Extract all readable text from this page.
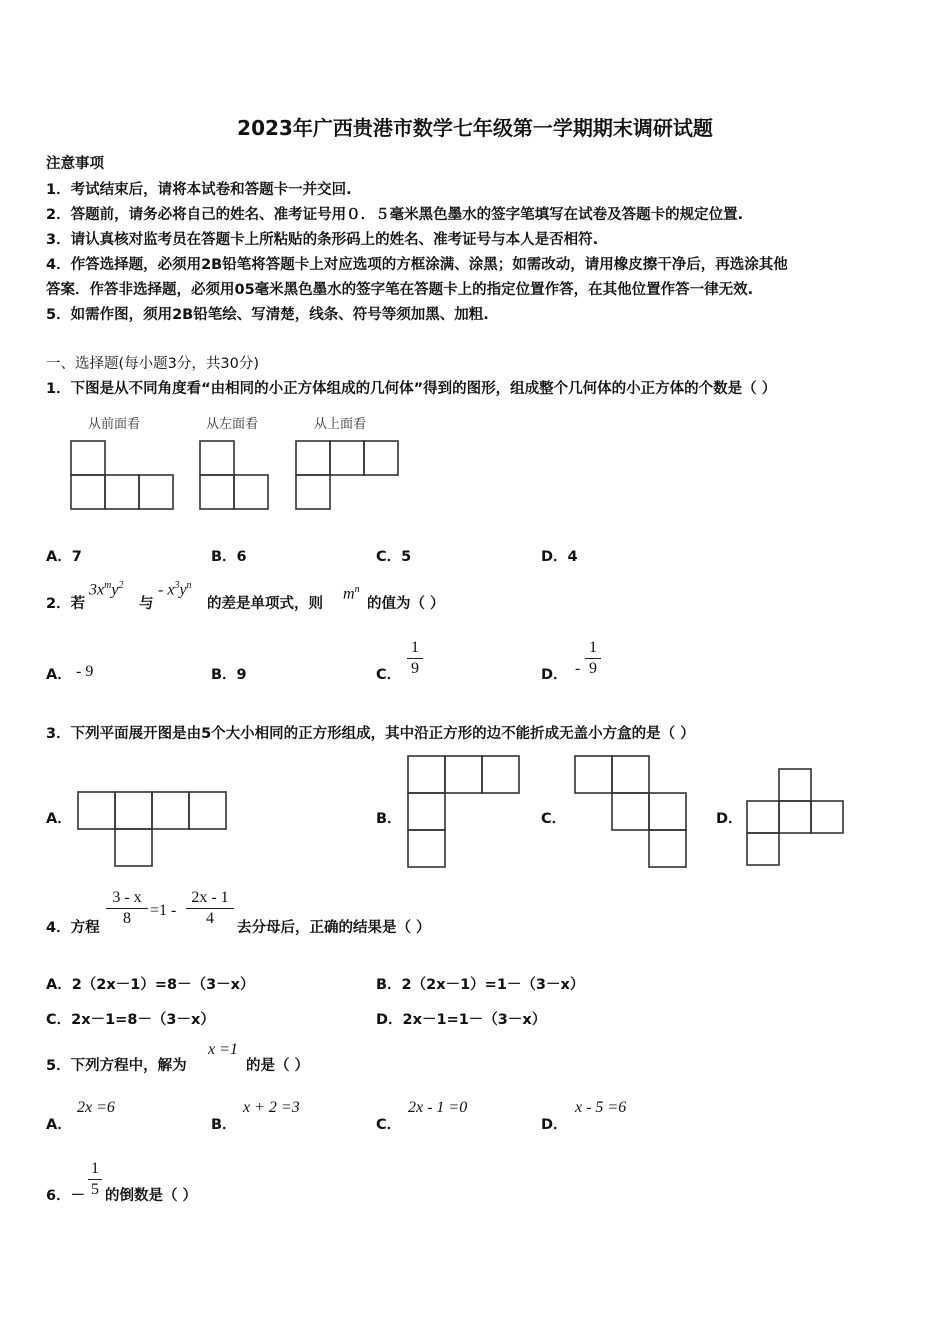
2023年广西贵港市数学七年级第一学期期末调研试题
注意事项
1．考试结束后，请将本试卷和答题卡一并交回.
2．答题前，请务必将自己的姓名、准考证号用０．５毫米黑色墨水的签字笔填写在试卷及答题卡的规定位置.
3．请认真核对监考员在答题卡上所粘贴的条形码上的姓名、准考证号与本人是否相符.
4．作答选择题，必须用2B铅笔将答题卡上对应选项的方框涂满、涂黑；如需改动，请用橡皮擦干净后，再选涂其他
答案．作答非选择题，必须用05毫米黑色墨水的签字笔在答题卡上的指定位置作答，在其他位置作答一律无效.
5．如需作图，须用2B铅笔绘、写清楚，线条、符号等须加黑、加粗.
一、选择题(每小题3分，共30分)
1．下图是从不同角度看“由相同的小正方体组成的几何体”得到的图形，组成整个几何体的小正方体的个数是（ ）
从前面看	从左面看	从上面看
A．7	B．6	C．5	D．4
2．若
$3x^my^2$
与
- $x^3y^n$
的差是单项式，则
$m^n$
的值为（ ）
A． - 9	B．9	C．
1
9	D． -
1
9
3．下列平面展开图是由5个大小相同的正方形组成，其中沿正方形的边不能折成无盖小方盒的是（ ）
A．	B．	C．	D．
4．方程
3 - x
8	=1 -
2x - 1
4
去分母后，正确的结果是（ ）
A．2（2x－1）=8－（3－x）	B．2（2x－1）=1－（3－x）
C．2x－1=8－（3－x）	D．2x－1=1－（3－x）
5．下列方程中，解为
x =1
的是（ ）
A．
2x =6
B．
x + 2 =3
C．
2x - 1 =0
D．
x - 5 =6
6．－
1
5 的倒数是（ ）
